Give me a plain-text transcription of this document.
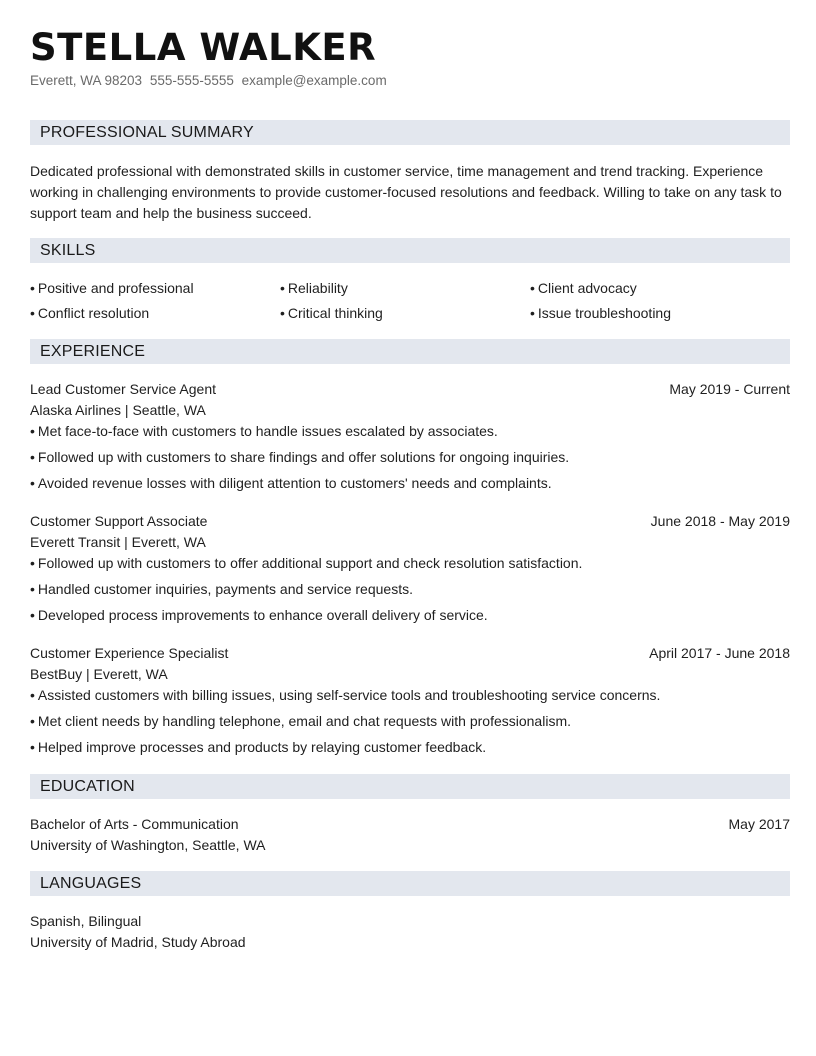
STELLA WALKER
Everett, WA 98203 555-555-5555 example@example.com
PROFESSIONAL SUMMARY
Dedicated professional with demonstrated skills in customer service, time management and trend tracking. Experience working in challenging environments to provide customer-focused resolutions and feedback. Willing to take on any task to support team and help the business succeed.
SKILLS
• Positive and professional	• Reliability	• Client advocacy
• Conflict resolution	• Critical thinking	• Issue troubleshooting
EXPERIENCE
Lead Customer Service Agent	May 2019 - Current
Alaska Airlines | Seattle, WA
• Met face-to-face with customers to handle issues escalated by associates.
• Followed up with customers to share findings and offer solutions for ongoing inquiries.
• Avoided revenue losses with diligent attention to customers' needs and complaints.
Customer Support Associate	June 2018 - May 2019
Everett Transit | Everett, WA
• Followed up with customers to offer additional support and check resolution satisfaction.
• Handled customer inquiries, payments and service requests.
• Developed process improvements to enhance overall delivery of service.
Customer Experience Specialist	April 2017 - June 2018
BestBuy | Everett, WA
• Assisted customers with billing issues, using self-service tools and troubleshooting service concerns.
• Met client needs by handling telephone, email and chat requests with professionalism.
• Helped improve processes and products by relaying customer feedback.
EDUCATION
Bachelor of Arts - Communication	May 2017
University of Washington, Seattle, WA
LANGUAGES
Spanish, Bilingual
University of Madrid, Study Abroad
